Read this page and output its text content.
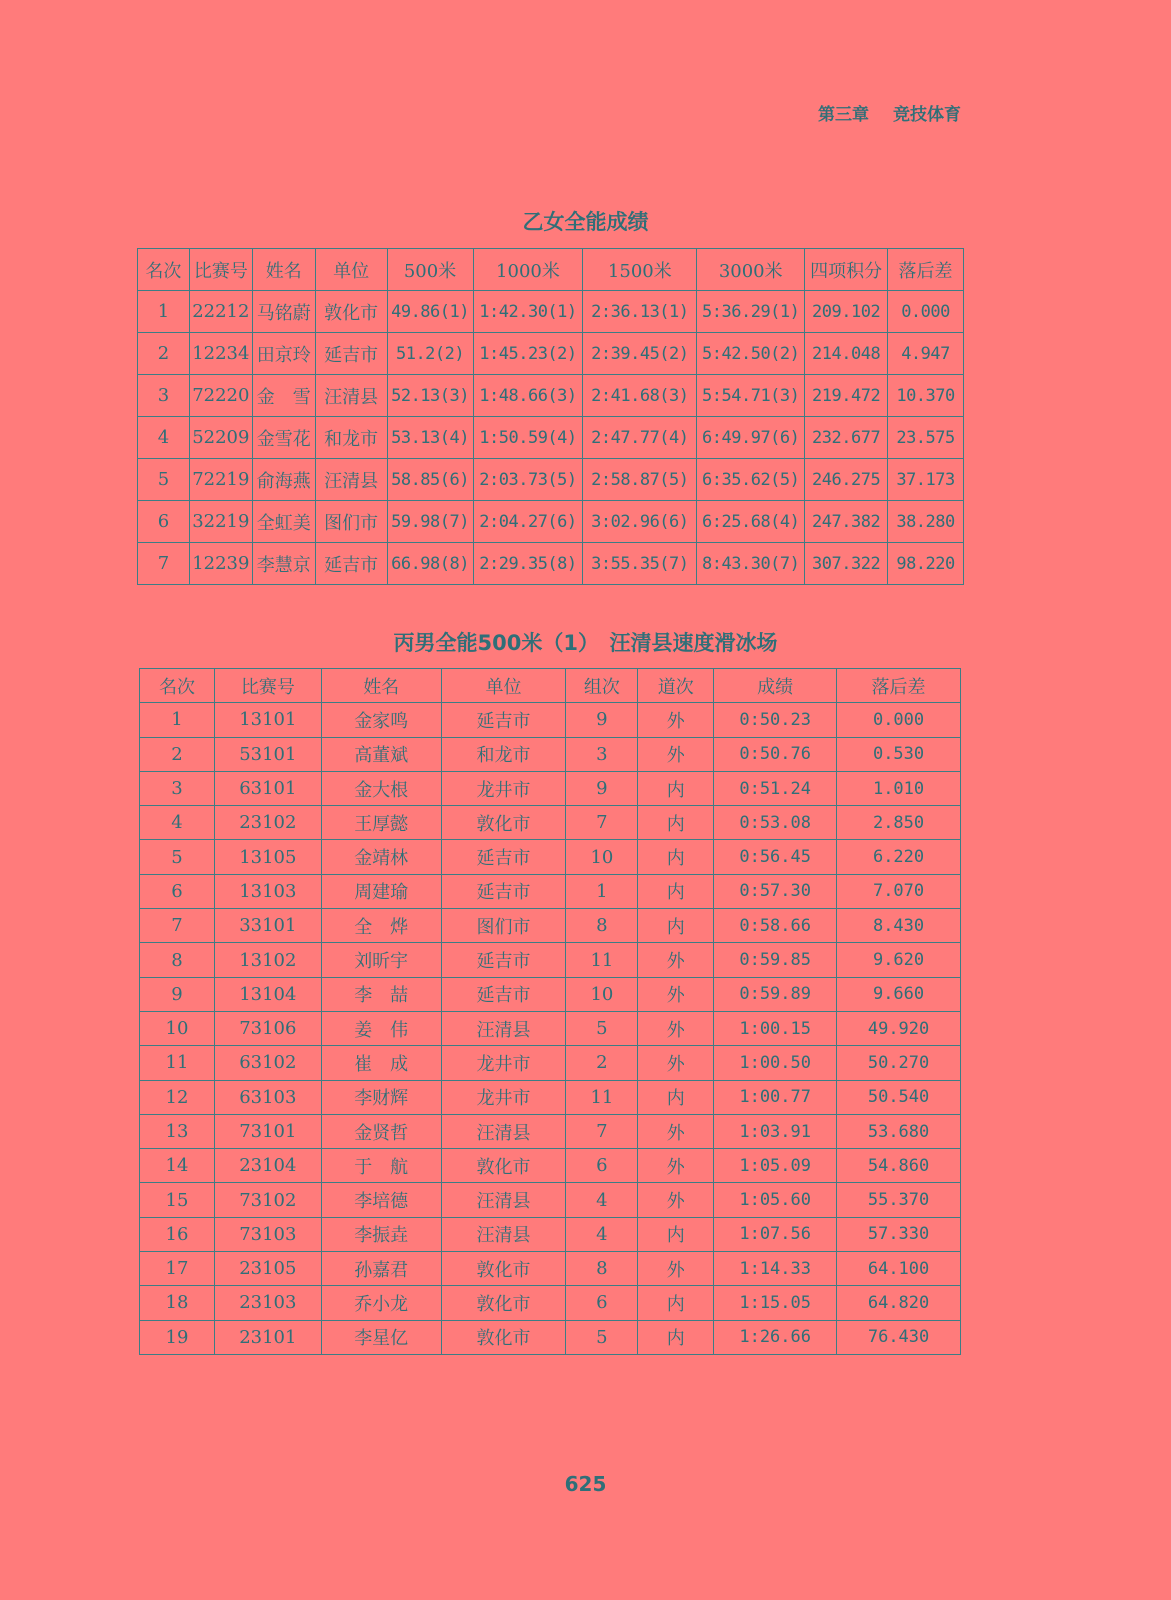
第三章 竞技体育
乙女全能成绩
名次	比赛号	姓名	单位	500米	1000米	1500米	3000米	四项积分	落后差
1	22212	马铭蔚	敦化市	49.86(1)	1:42.30(1)	2:36.13(1)	5:36.29(1)	209.102	0.000
2	12234	田京玲	延吉市	51.2(2)	1:45.23(2)	2:39.45(2)	5:42.50(2)	214.048	4.947
3	72220	金　雪	汪清县	52.13(3)	1:48.66(3)	2:41.68(3)	5:54.71(3)	219.472	10.370
4	52209	金雪花	和龙市	53.13(4)	1:50.59(4)	2:47.77(4)	6:49.97(6)	232.677	23.575
5	72219	俞海燕	汪清县	58.85(6)	2:03.73(5)	2:58.87(5)	6:35.62(5)	246.275	37.173
6	32219	全虹美	图们市	59.98(7)	2:04.27(6)	3:02.96(6)	6:25.68(4)	247.382	38.280
7	12239	李慧京	延吉市	66.98(8)	2:29.35(8)	3:55.35(7)	8:43.30(7)	307.322	98.220
丙男全能500米（1）　汪清县速度滑冰场
名次	比赛号	姓名	单位	组次	道次	成绩	落后差
1	13101	金家鸣	延吉市	9	外	0:50.23	0.000
2	53101	高董斌	和龙市	3	外	0:50.76	0.530
3	63101	金大根	龙井市	9	内	0:51.24	1.010
4	23102	王厚懿	敦化市	7	内	0:53.08	2.850
5	13105	金靖林	延吉市	10	内	0:56.45	6.220
6	13103	周建瑜	延吉市	1	内	0:57.30	7.070
7	33101	全　烨	图们市	8	内	0:58.66	8.430
8	13102	刘昕宇	延吉市	11	外	0:59.85	9.620
9	13104	李　喆	延吉市	10	外	0:59.89	9.660
10	73106	姜　伟	汪清县	5	外	1:00.15	49.920
11	63102	崔　成	龙井市	2	外	1:00.50	50.270
12	63103	李财辉	龙井市	11	内	1:00.77	50.540
13	73101	金贤哲	汪清县	7	外	1:03.91	53.680
14	23104	于　航	敦化市	6	外	1:05.09	54.860
15	73102	李培德	汪清县	4	外	1:05.60	55.370
16	73103	李振垚	汪清县	4	内	1:07.56	57.330
17	23105	孙嘉君	敦化市	8	外	1:14.33	64.100
18	23103	乔小龙	敦化市	6	内	1:15.05	64.820
19	23101	李星亿	敦化市	5	内	1:26.66	76.430
625
